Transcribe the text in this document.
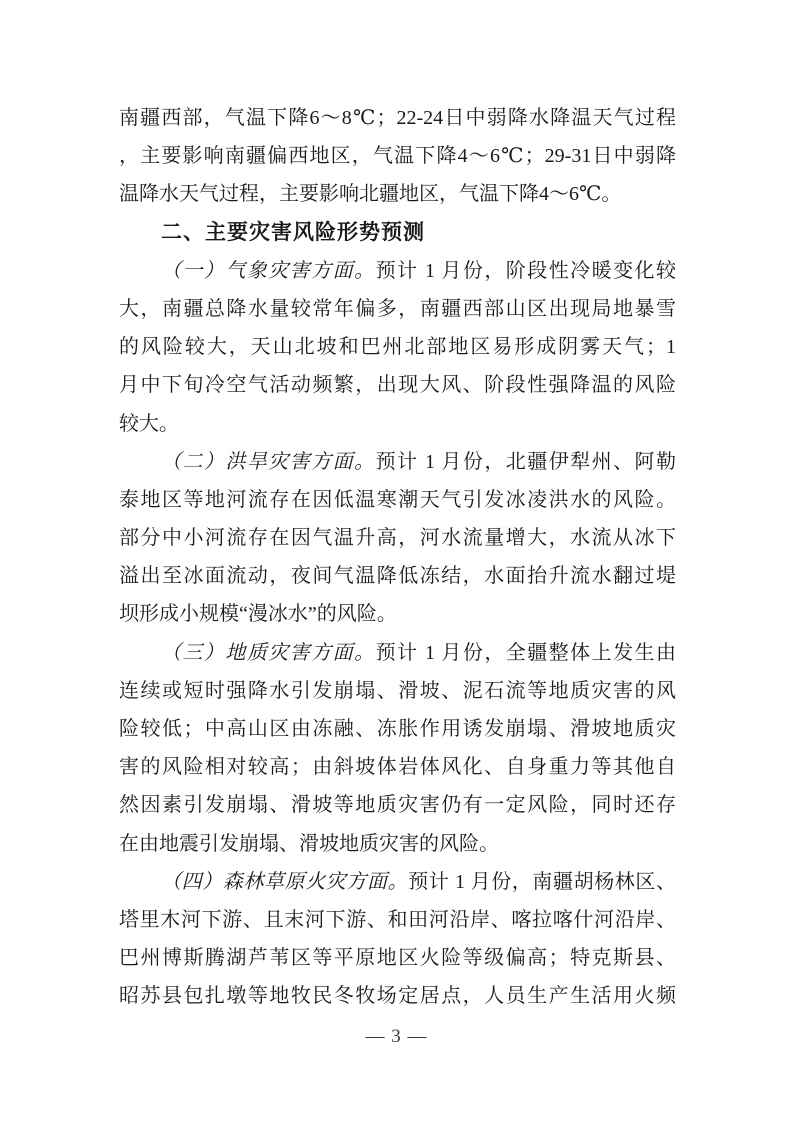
南疆西部，气温下降6～8℃；22-24日中弱降水降温天气过程

，主要影响南疆偏西地区，气温下降4～6℃；29-31日中弱降

温降水天气过程，主要影响北疆地区，气温下降4～6℃。

二、主要灾害风险形势预测

（一）气象灾害方面。预计 1 月份，阶段性冷暖变化较

大，南疆总降水量较常年偏多，南疆西部山区出现局地暴雪

的风险较大，天山北坡和巴州北部地区易形成阴雾天气；1

月中下旬冷空气活动频繁，出现大风、阶段性强降温的风险

较大。

（二）洪旱灾害方面。预计 1 月份，北疆伊犁州、阿勒

泰地区等地河流存在因低温寒潮天气引发冰凌洪水的风险。

部分中小河流存在因气温升高，河水流量增大，水流从冰下

溢出至冰面流动，夜间气温降低冻结，水面抬升流水翻过堤

坝形成小规模“漫冰水”的风险。

（三）地质灾害方面。预计 1 月份，全疆整体上发生由

连续或短时强降水引发崩塌、滑坡、泥石流等地质灾害的风

险较低；中高山区由冻融、冻胀作用诱发崩塌、滑坡地质灾

害的风险相对较高；由斜坡体岩体风化、自身重力等其他自

然因素引发崩塌、滑坡等地质灾害仍有一定风险，同时还存

在由地震引发崩塌、滑坡地质灾害的风险。

（四）森林草原火灾方面。预计 1 月份，南疆胡杨林区、

塔里木河下游、且末河下游、和田河沿岸、喀拉喀什河沿岸、

巴州博斯腾湖芦苇区等平原地区火险等级偏高；特克斯县、

昭苏县包扎墩等地牧民冬牧场定居点，人员生产生活用火频

— 3 —
